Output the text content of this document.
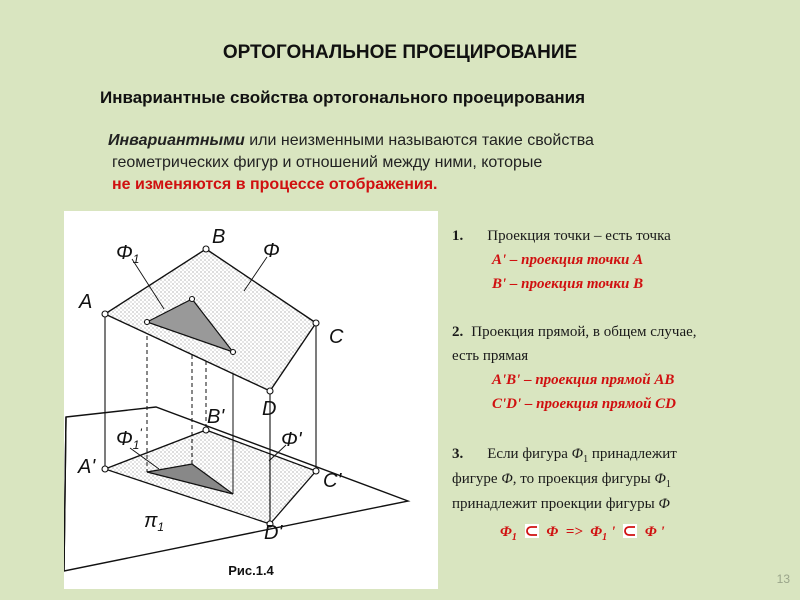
ОРТОГОНАЛЬНОЕ ПРОЕЦИРОВАНИЕ
Инвариантные свойства ортогонального проецирования
Инвариантными или неизменными называются такие свойства
геометрических фигур и отношений между ними, которые
не изменяются в процессе отображения.
A
B
C
D
A'
B'
C'
D'
$\Phi_1$	Φ
$\Phi_1'$	Φ'
$\pi_1$
Рис.1.4
1. Проекция точки – есть точка
A' – проекция точки A
B' – проекция точки B
2. Проекция прямой, в общем случае,
есть прямая
A'B' – проекция прямой AB
C'D' – проекция прямой CD
3. Если фигура $\Phi_1$ принадлежит
фигуре Φ, то проекция фигуры $\Phi_1$
принадлежит проекции фигуры Φ
$\Phi_1$ $\Phi => \Phi_1$ ' Φ '
13
